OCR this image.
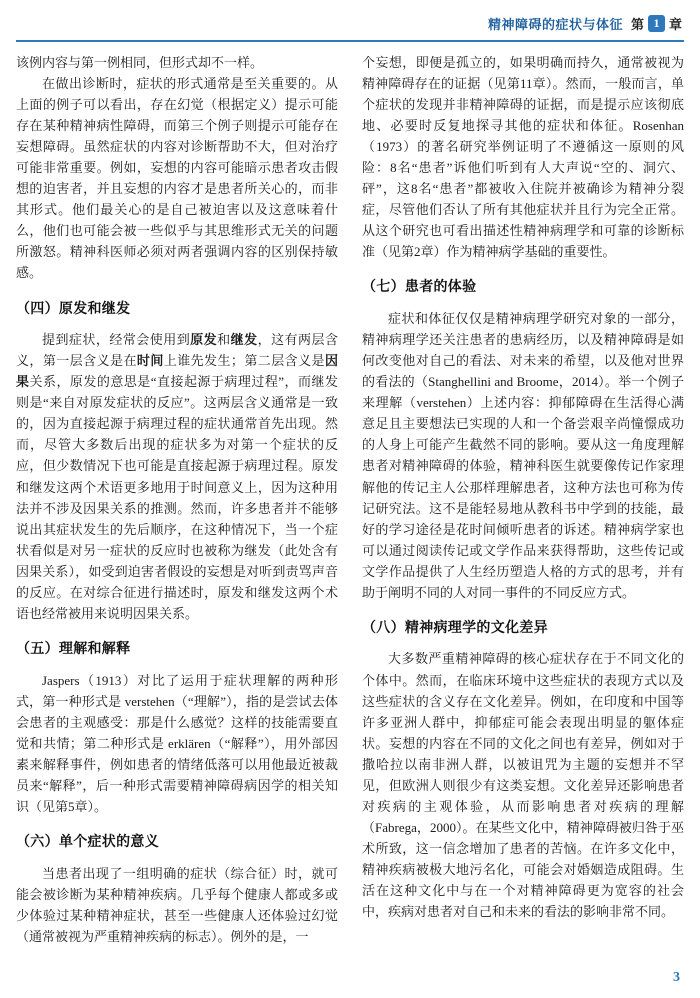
精神障碍的症状与体征 第 1 章

该例内容与第一例相同，但形式却不一样。

在做出诊断时，症状的形式通常是至关重要的。从上面的例子可以看出，存在幻觉（根据定义）提示可能存在某种精神病性障碍，而第三个例子则提示可能存在妄想障碍。虽然症状的内容对诊断帮助不大，但对治疗可能非常重要。例如，妄想的内容可能暗示患者攻击假想的迫害者，并且妄想的内容才是患者所关心的，而非其形式。他们最关心的是自己被迫害以及这意味着什么，他们也可能会被一些似乎与其思维形式无关的问题所激怒。精神科医师必须对两者强调内容的区别保持敏感。

（四）原发和继发

提到症状，经常会使用到原发和继发，这有两层含义，第一层含义是在时间上谁先发生；第二层含义是因果关系，原发的意思是“直接起源于病理过程”，而继发则是“来自对原发症状的反应”。这两层含义通常是一致的，因为直接起源于病理过程的症状通常首先出现。然而，尽管大多数后出现的症状多为对第一个症状的反应，但少数情况下也可能是直接起源于病理过程。原发和继发这两个术语更多地用于时间意义上，因为这种用法并不涉及因果关系的推测。然而，许多患者并不能够说出其症状发生的先后顺序，在这种情况下，当一个症状看似是对另一症状的反应时也被称为继发（此处含有因果关系），如受到迫害者假设的妄想是对听到责骂声音的反应。在对综合征进行描述时，原发和继发这两个术语也经常被用来说明因果关系。

（五）理解和解释

Jaspers（1913）对比了运用于症状理解的两种形式，第一种形式是 verstehen（“理解”），指的是尝试去体会患者的主观感受：那是什么感觉？这样的技能需要直觉和共情；第二种形式是 erklären（“解释”），用外部因素来解释事件，例如患者的情绪低落可以用他最近被裁员来“解释”，后一种形式需要精神障碍病因学的相关知识（见第5章）。

（六）单个症状的意义

当患者出现了一组明确的症状（综合征）时，就可能会被诊断为某种精神疾病。几乎每个健康人都或多或少体验过某种精神症状，甚至一些健康人还体验过幻觉（通常被视为严重精神疾病的标志）。例外的是，一

个妄想，即便是孤立的，如果明确而持久，通常被视为精神障碍存在的证据（见第11章）。然而，一般而言，单个症状的发现并非精神障碍的证据，而是提示应该彻底地、必要时反复地探寻其他的症状和体征。Rosenhan（1973）的著名研究举例证明了不遵循这一原则的风险：8名“患者”诉他们听到有人大声说“空的、洞穴、砰”，这8名“患者”都被收入住院并被确诊为精神分裂症，尽管他们否认了所有其他症状并且行为完全正常。从这个研究也可看出描述性精神病理学和可靠的诊断标准（见第2章）作为精神病学基础的重要性。

（七）患者的体验

症状和体征仅仅是精神病理学研究对象的一部分，精神病理学还关注患者的患病经历，以及精神障碍是如何改变他对自己的看法、对未来的希望，以及他对世界的看法的（Stanghellini and Broome，2014）。举一个例子来理解（verstehen）上述内容：抑郁障碍在生活得心满意足且主要想法已实现的人和一个备尝艰辛尚憧憬成功的人身上可能产生截然不同的影响。要从这一角度理解患者对精神障碍的体验，精神科医生就要像传记作家理解他的传记主人公那样理解患者，这种方法也可称为传记研究法。这不是能轻易地从教科书中学到的技能，最好的学习途径是花时间倾听患者的诉述。精神病学家也可以通过阅读传记或文学作品来获得帮助，这些传记或文学作品提供了人生经历塑造人格的方式的思考，并有助于阐明不同的人对同一事件的不同反应方式。

（八）精神病理学的文化差异

大多数严重精神障碍的核心症状存在于不同文化的个体中。然而，在临床环境中这些症状的表现方式以及这些症状的含义存在文化差异。例如，在印度和中国等许多亚洲人群中，抑郁症可能会表现出明显的躯体症状。妄想的内容在不同的文化之间也有差异，例如对于撒哈拉以南非洲人群，以被诅咒为主题的妄想并不罕见，但欧洲人则很少有这类妄想。文化差异还影响患者对疾病的主观体验，从而影响患者对疾病的理解（Fabrega，2000）。在某些文化中，精神障碍被归咎于巫术所致，这一信念增加了患者的苦恼。在许多文化中，精神疾病被极大地污名化，可能会对婚姻造成阻碍。生活在这种文化中与在一个对精神障碍更为宽容的社会中，疾病对患者对自己和未来的看法的影响非常不同。

3
